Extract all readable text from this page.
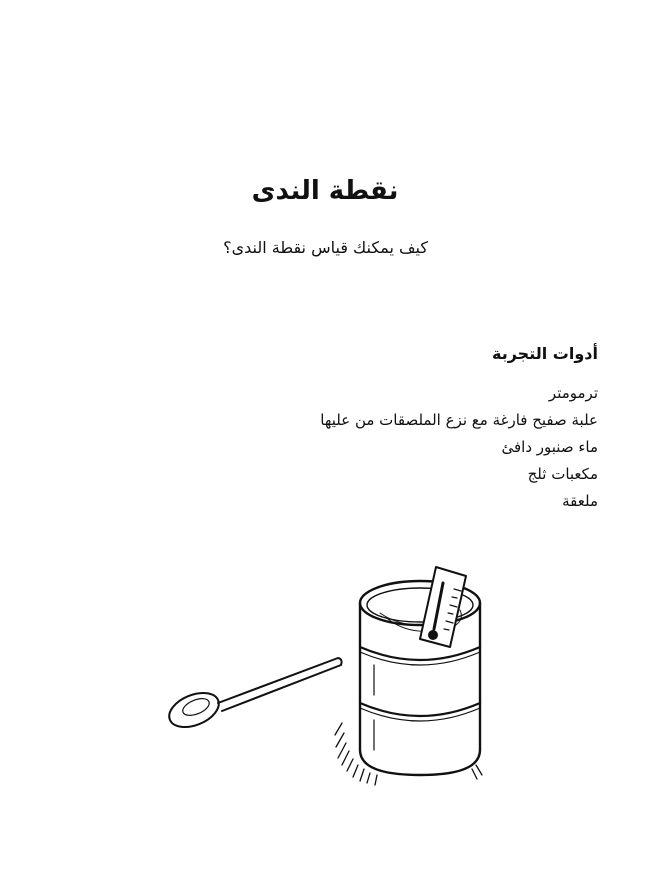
نقطة الندى

كيف يمكنك قياس نقطة الندى؟

أدوات التجربة
ترمومتر
علبة صفيح فارغة مع نزع الملصقات من عليها
ماء صنبور دافئ
مكعبات ثلج
ملعقة
